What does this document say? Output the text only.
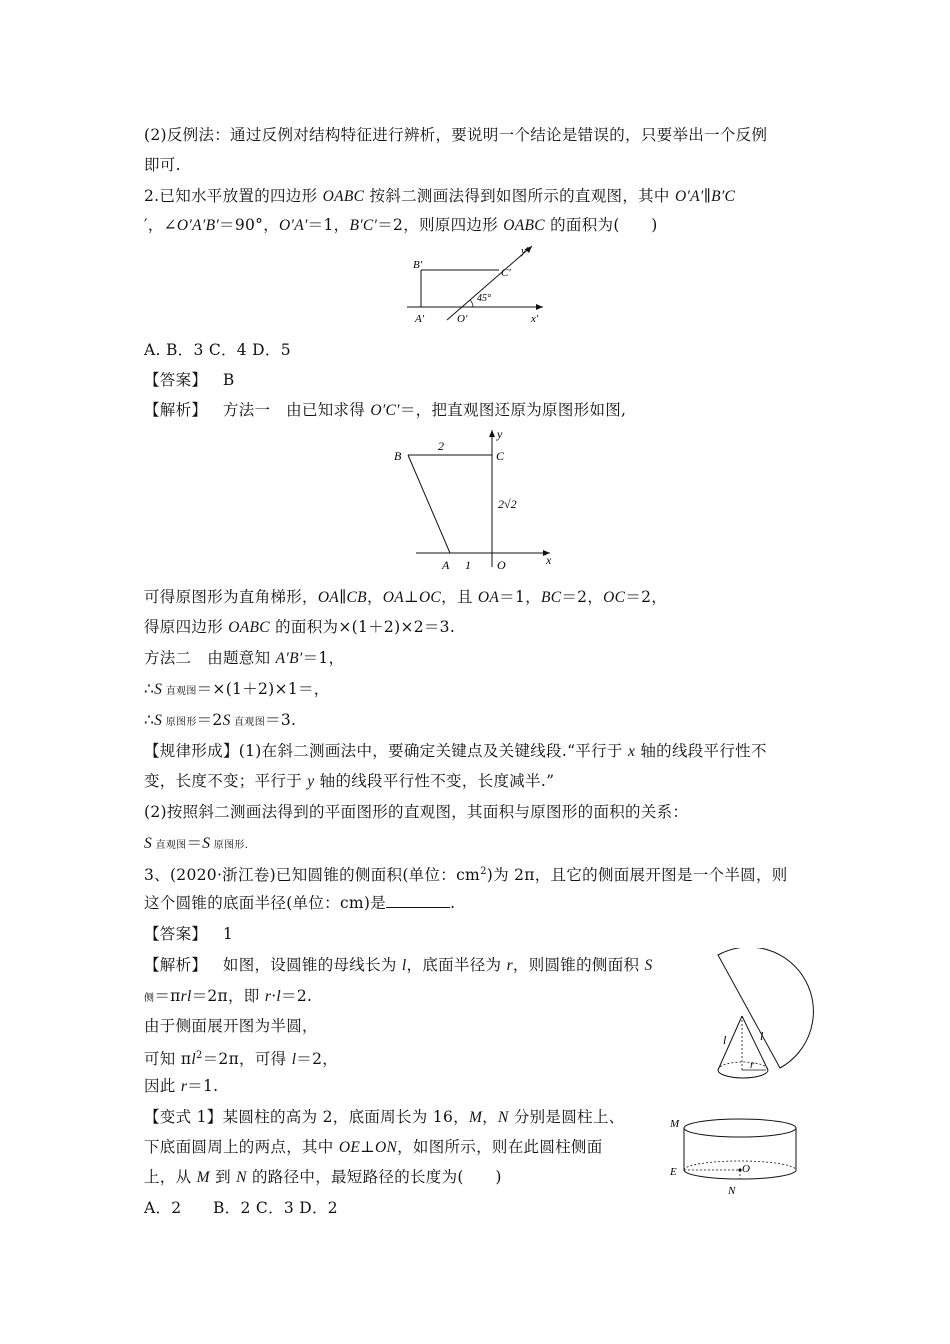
(2)反例法：通过反例对结构特征进行辨析，要说明一个结论是错误的，只要举出一个反例
即可.
2.已知水平放置的四边形 OABC 按斜二测画法得到如图所示的直观图，其中 O′A′∥B′C
′，∠O′A′B′＝90°，O′A′＝1，B′C′＝2，则原四边形 OABC 的面积为(　　)
B′
C′
y′
A′	O′	x′
45°
A. B．3 C．4 D．5
【答案】 B
【解析】 方法一　由已知求得 O′C′＝，把直观图还原为原图形如图,
B	C
y
A	O	x
2
1
2√2
可得原图形为直角梯形，OA∥CB，OA⊥OC，且 OA＝1，BC＝2，OC＝2，
得原四边形 OABC 的面积为×(1＋2)×2＝3.
方法二　由题意知 A′B′＝1，
∴S 直观图＝×(1＋2)×1＝，
∴S 原图形＝2S 直观图＝3.
【规律形成】(1)在斜二测画法中，要确定关键点及关键线段.“平行于 x 轴的线段平行性不
变，长度不变；平行于 y 轴的线段平行性不变，长度减半.”
(2)按照斜二测画法得到的平面图形的直观图，其面积与原图形的面积的关系：
S 直观图＝S 原图形.
3、(2020·浙江卷)已知圆锥的侧面积(单位：$cm^2$)为 2π，且它的侧面展开图是一个半圆，则
这个圆锥的底面半径(单位：cm)是	.
【答案】 1
【解析】 如图，设圆锥的母线长为 l，底面半径为 r，则圆锥的侧面积 S
侧＝πrl＝2π，即 r·l＝2.
由于侧面展开图为半圆，
可知 $\pi l^2=2\pi$，可得 l＝2，
因此 r＝1.
l	l
r
【变式 1】某圆柱的高为 2，底面周长为 16，M，N 分别是圆柱上、
下底面圆周上的两点，其中 OE⊥ON，如图所示，则在此圆柱侧面
上，从 M 到 N 的路径中，最短路径的长度为(　　)
A．2　　B．2 C．3 D．2
M
E	O
N
